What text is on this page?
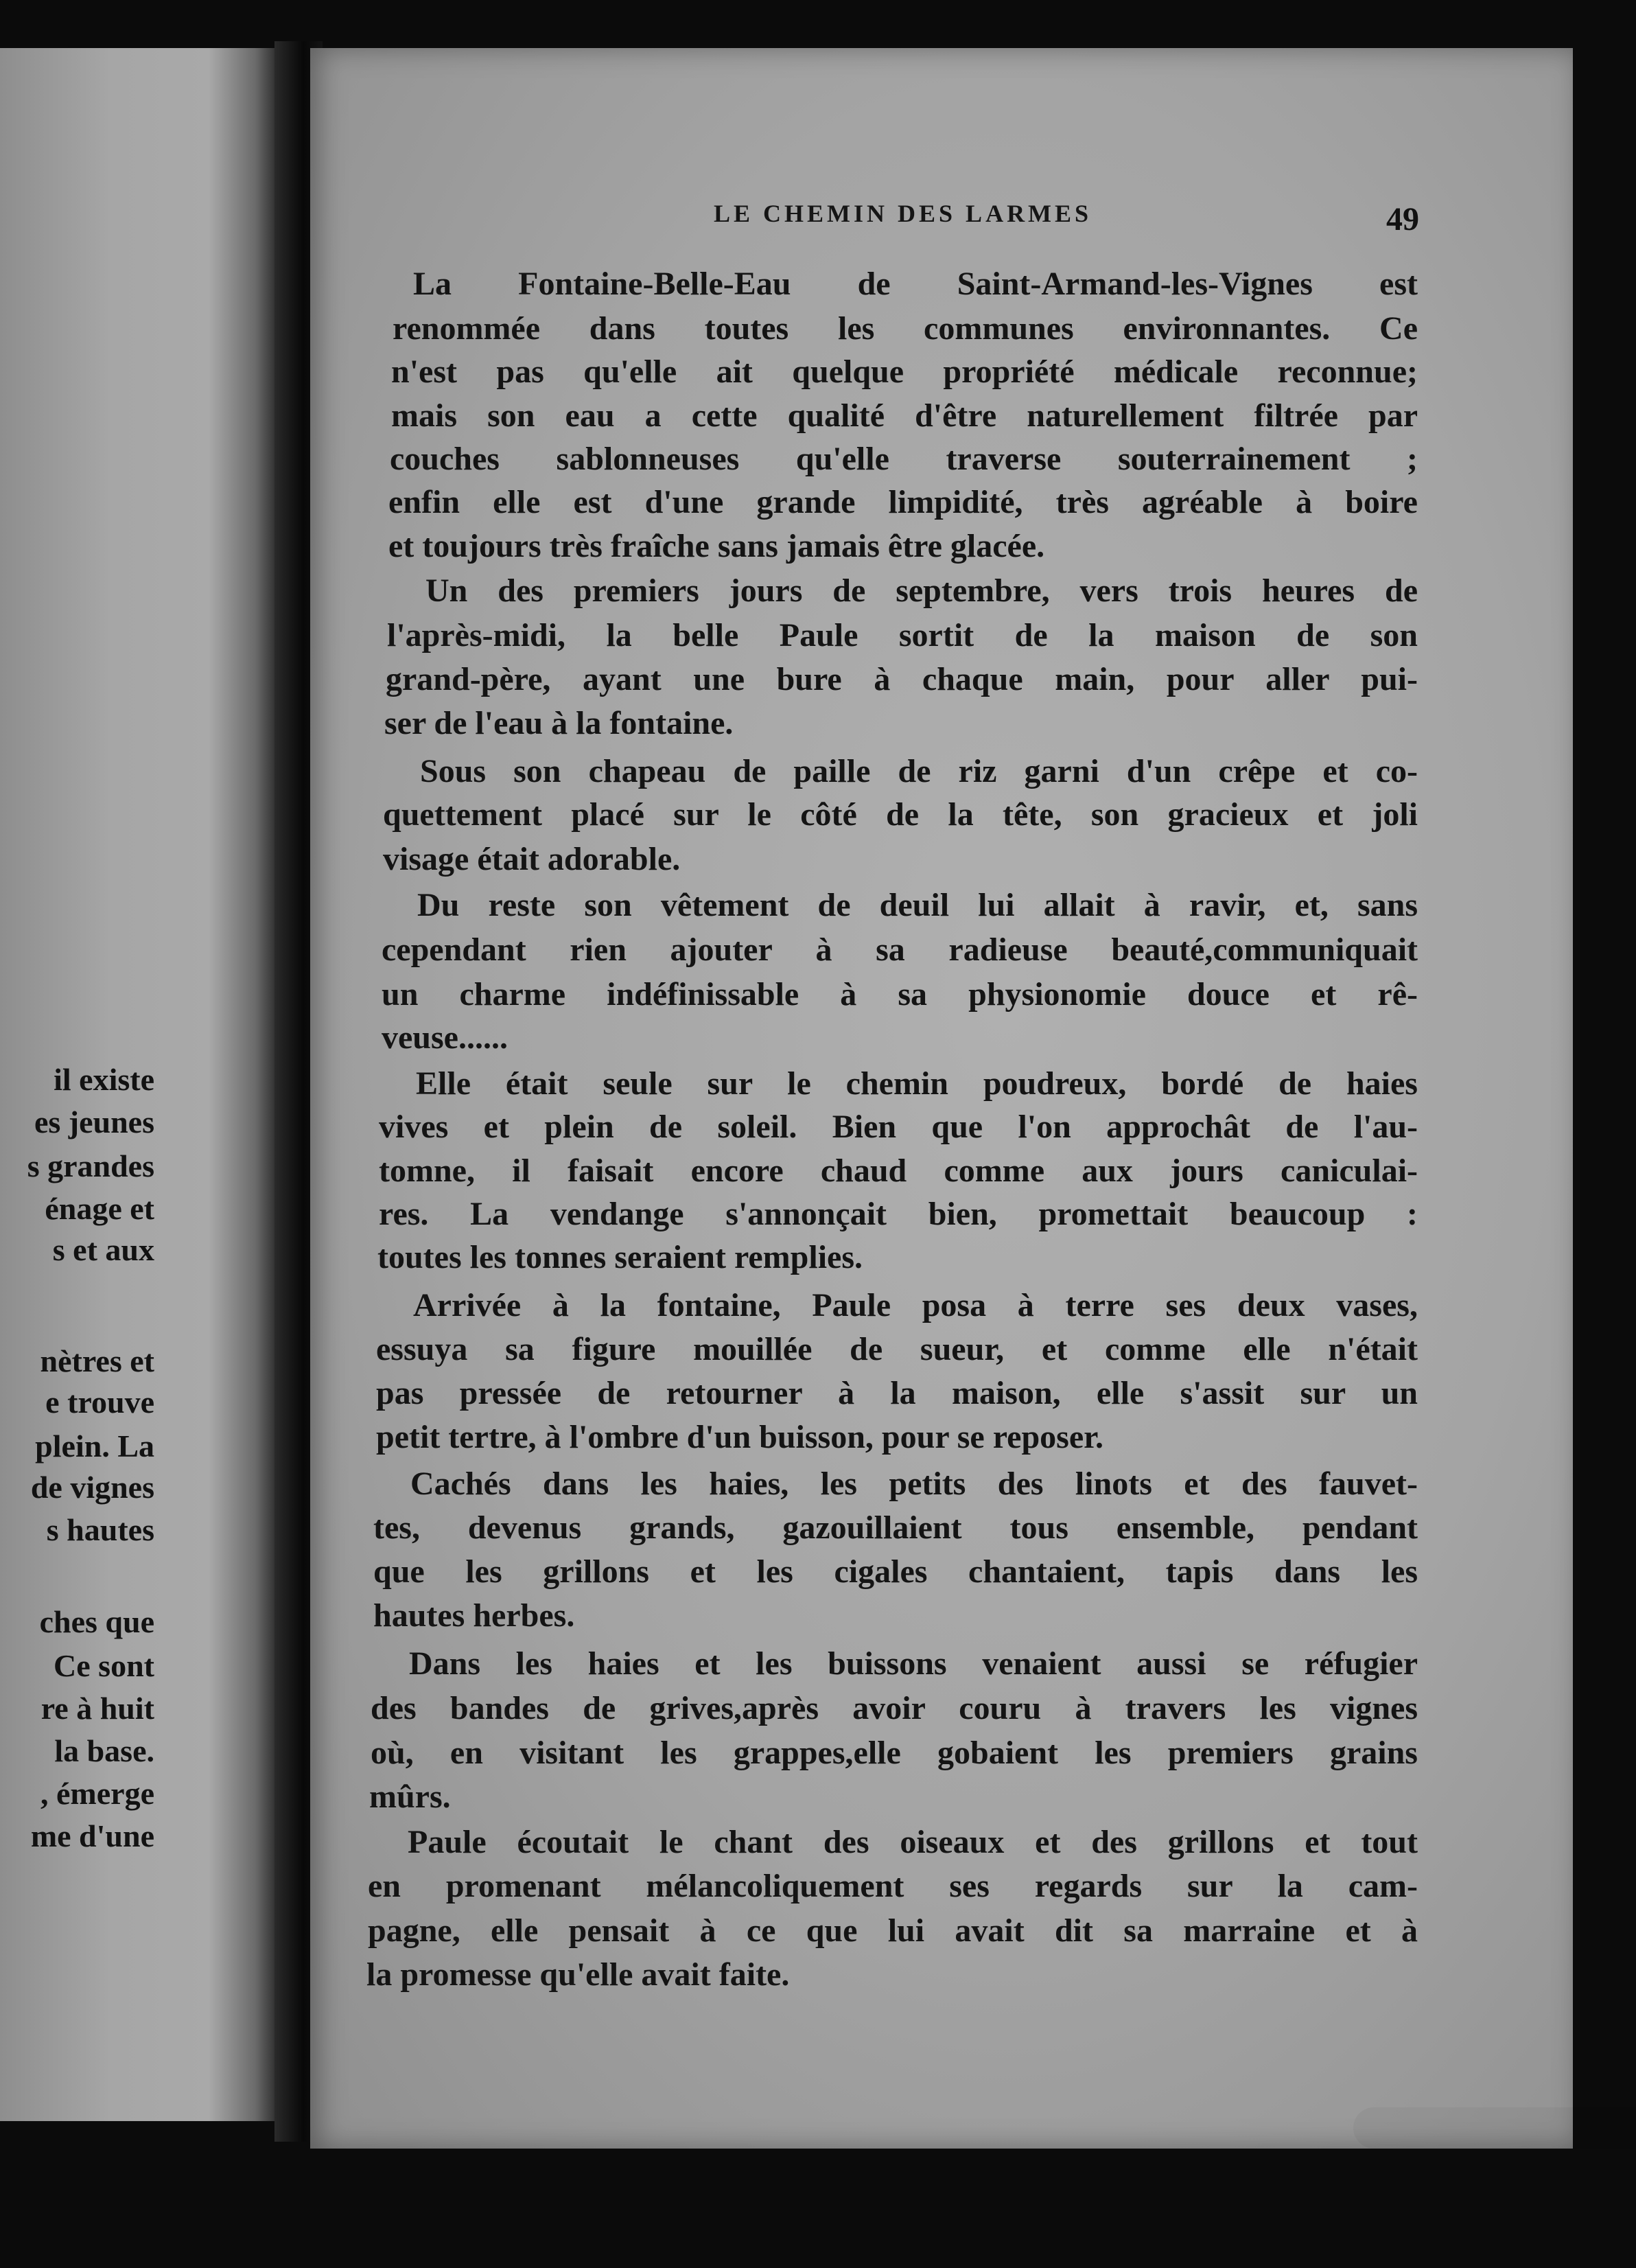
il existe
es jeunes
s grandes
énage et
s et aux
nètres et
e trouve
plein. La
de vignes
s hautes
ches que
Ce sont
re à huit
la base.
, émerge
me d'une
LE CHEMIN DES LARMES	49
La Fontaine-Belle-Eau de Saint-Armand-les-Vignes est
renommée dans toutes les communes environnantes. Ce
n'est pas qu'elle ait quelque propriété médicale reconnue;
mais son eau a cette qualité d'être naturellement filtrée par
couches sablonneuses qu'elle traverse souterrainement ;
enfin elle est d'une grande limpidité, très agréable à boire
et toujours très fraîche sans jamais être glacée.
Un des premiers jours de septembre, vers trois heures de
l'après-midi, la belle Paule sortit de la maison de son
grand-père, ayant une bure à chaque main, pour aller pui-
ser de l'eau à la fontaine.
Sous son chapeau de paille de riz garni d'un crêpe et co-
quettement placé sur le côté de la tête, son gracieux et joli
visage était adorable.
Du reste son vêtement de deuil lui allait à ravir, et, sans
cependant rien ajouter à sa radieuse beauté,communiquait
un charme indéfinissable à sa physionomie douce et rê-
veuse......
Elle était seule sur le chemin poudreux, bordé de haies
vives et plein de soleil. Bien que l'on approchât de l'au-
tomne, il faisait encore chaud comme aux jours caniculai-
res. La vendange s'annonçait bien, promettait beaucoup :
toutes les tonnes seraient remplies.
Arrivée à la fontaine, Paule posa à terre ses deux vases,
essuya sa figure mouillée de sueur, et comme elle n'était
pas pressée de retourner à la maison, elle s'assit sur un
petit tertre, à l'ombre d'un buisson, pour se reposer.
Cachés dans les haies, les petits des linots et des fauvet-
tes, devenus grands, gazouillaient tous ensemble, pendant
que les grillons et les cigales chantaient, tapis dans les
hautes herbes.
Dans les haies et les buissons venaient aussi se réfugier
des bandes de grives,après avoir couru à travers les vignes
où, en visitant les grappes,elle gobaient les premiers grains
mûrs.
Paule écoutait le chant des oiseaux et des grillons et tout
en promenant mélancoliquement ses regards sur la cam-
pagne, elle pensait à ce que lui avait dit sa marraine et à
la promesse qu'elle avait faite.
